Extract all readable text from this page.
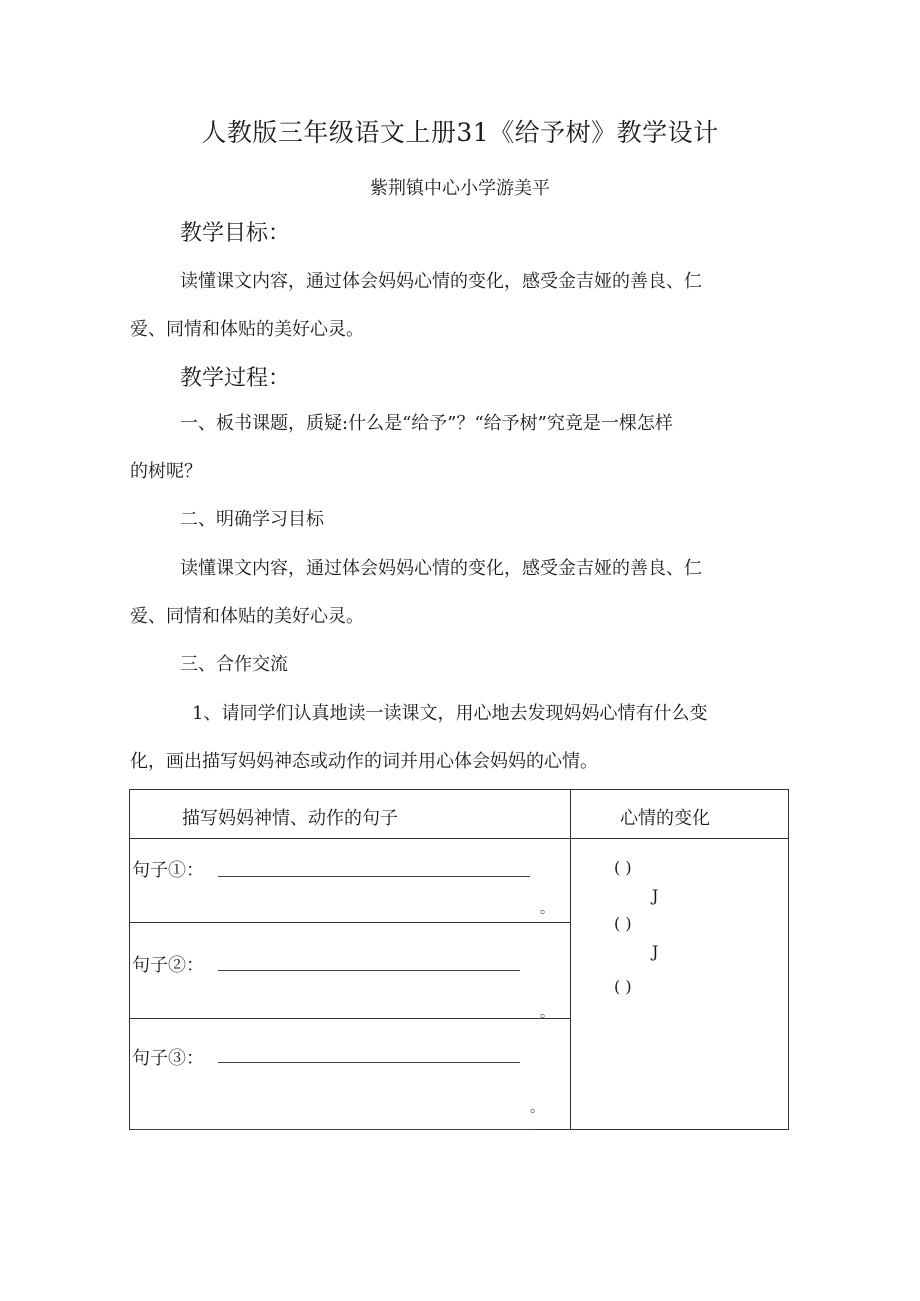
人教版三年级语文上册31《给予树》教学设计
紫荆镇中心小学游美平
教学目标：
读懂课文内容，通过体会妈妈心情的变化，感受金吉娅的善良、仁
爱、同情和体贴的美好心灵。
教学过程：
一、板书课题，质疑:什么是“给予”？“给予树”究竟是一棵怎样
的树呢？
二、明确学习目标
读懂课文内容，通过体会妈妈心情的变化，感受金吉娅的善良、仁
爱、同情和体贴的美好心灵。
三、合作交流
1、请同学们认真地读一读课文，用心地去发现妈妈心情有什么变
化，画出描写妈妈神态或动作的词并用心体会妈妈的心情。
描写妈妈神情、动作的句子	心情的变化
句子①：
。
句子②：
。
句子③：
。
( )
J
( )
J
( )
